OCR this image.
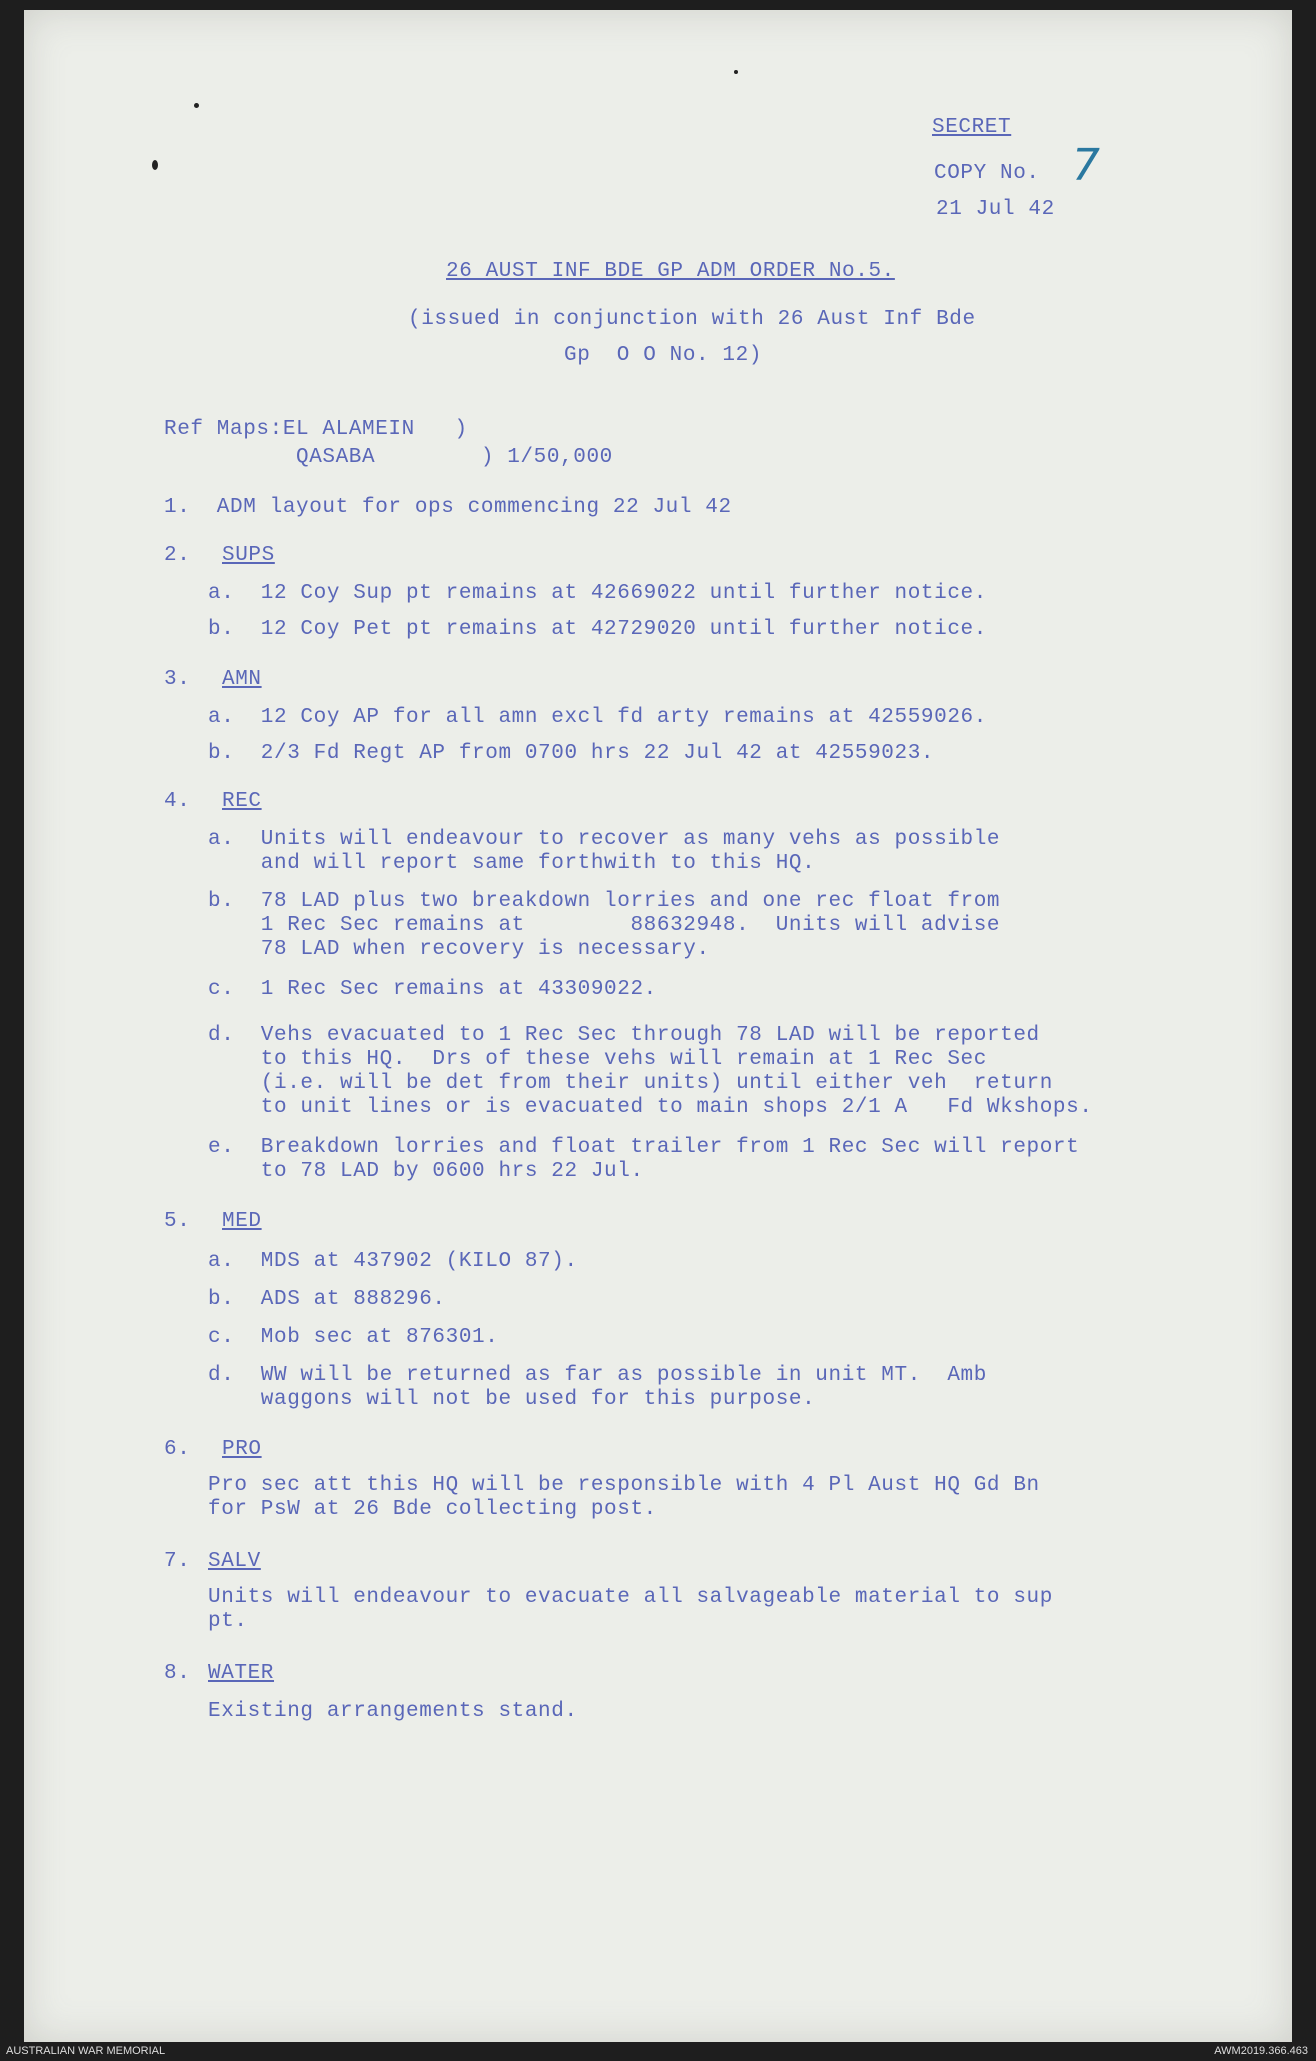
SECRET
COPY No. 7
21 Jul 42
26 AUST INF BDE GP ADM ORDER No.5.
(issued in conjunction with 26 Aust Inf Bde
Gp  O O No. 12)
Ref Maps:EL ALAMEIN   )
QASABA        ) 1/50,000
1.  ADM layout for ops commencing 22 Jul 42
2. SUPS
a.  12 Coy Sup pt remains at 42669022 until further notice.
b.  12 Coy Pet pt remains at 42729020 until further notice.
3. AMN
a.  12 Coy AP for all amn excl fd arty remains at 42559026.
b.  2/3 Fd Regt AP from 0700 hrs 22 Jul 42 at 42559023.
4. REC
a.  Units will endeavour to recover as many vehs as possible
and will report same forthwith to this HQ.
b.  78 LAD plus two breakdown lorries and one rec float from
1 Rec Sec remains at        88632948.  Units will advise
78 LAD when recovery is necessary.
c.  1 Rec Sec remains at 43309022.
d.  Vehs evacuated to 1 Rec Sec through 78 LAD will be reported
to this HQ.  Drs of these vehs will remain at 1 Rec Sec
(i.e. will be det from their units) until either veh  return
to unit lines or is evacuated to main shops 2/1 A   Fd Wkshops.
e.  Breakdown lorries and float trailer from 1 Rec Sec will report
to 78 LAD by 0600 hrs 22 Jul.
5. MED
a.  MDS at 437902 (KILO 87).
b.  ADS at 888296.
c.  Mob sec at 876301.
d.  WW will be returned as far as possible in unit MT.  Amb
waggons will not be used for this purpose.
6. PRO
Pro sec att this HQ will be responsible with 4 Pl Aust HQ Gd Bn
for PsW at 26 Bde collecting post.
7. SALV
Units will endeavour to evacuate all salvageable material to sup
pt.
8. WATER
Existing arrangements stand.
AUSTRALIAN WAR MEMORIAL	AWM2019.366.463
